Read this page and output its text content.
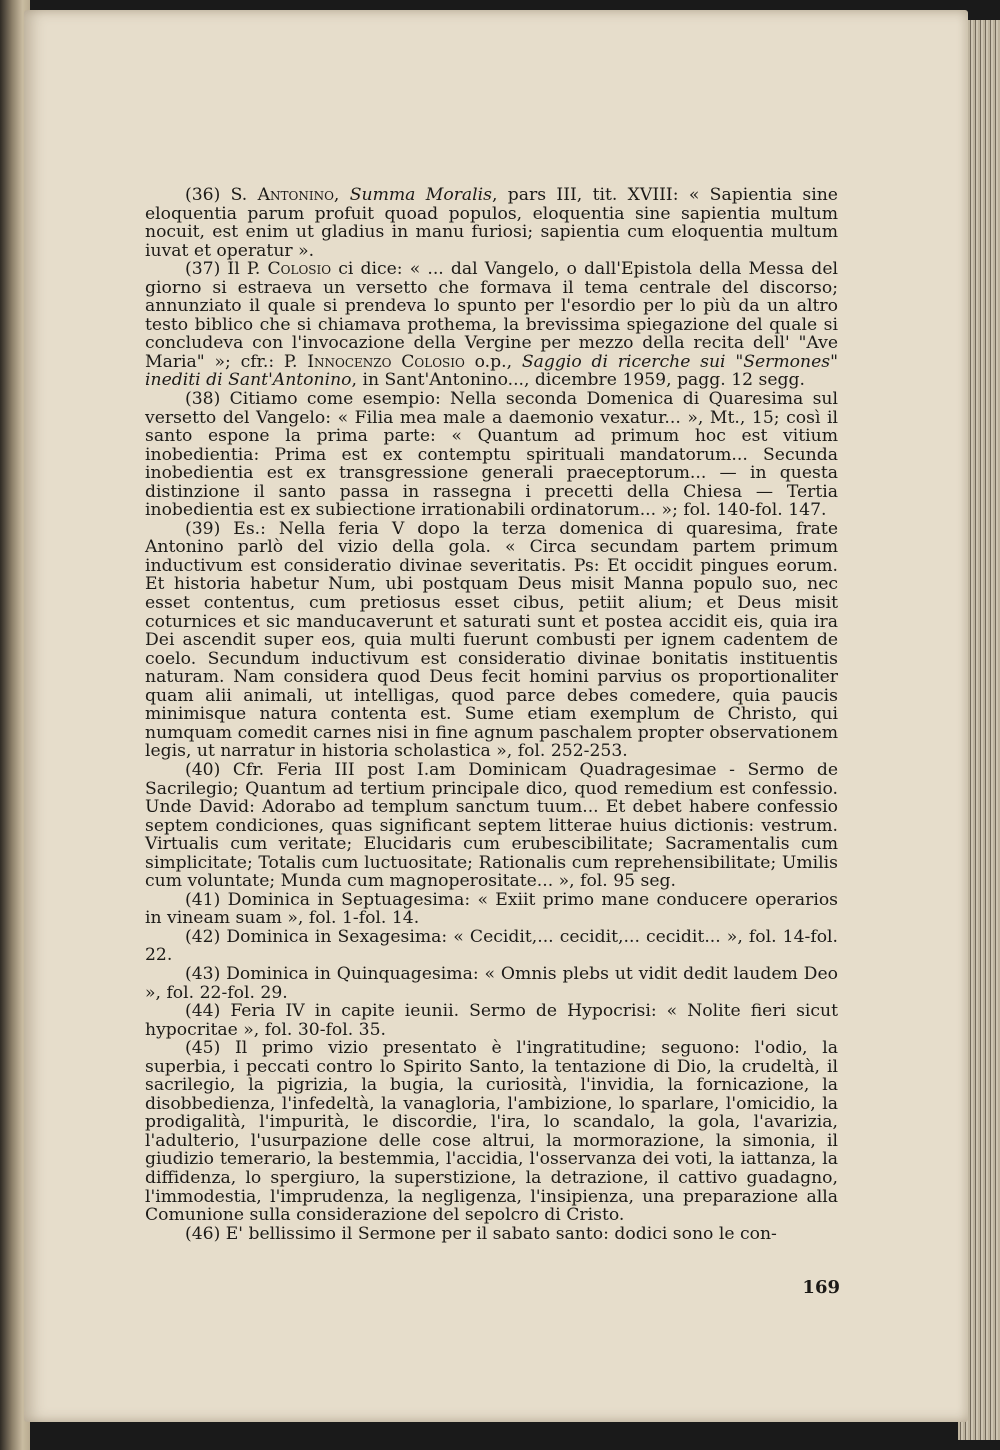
(36) S. Antonino, Summa Moralis, pars III, tit. XVIII: « Sapientia sine eloquentia parum profuit quoad populos, eloquentia sine sapientia multum nocuit, est enim ut gladius in manu furiosi; sapientia cum eloquentia multum iuvat et operatur ».

(37) Il P. Colosio ci dice: « ... dal Vangelo, o dall'Epistola della Messa del giorno si estraeva un versetto che formava il tema centrale del discorso; annunziato il quale si prendeva lo spunto per l'esordio per lo più da un altro testo biblico che si chiamava prothema, la brevissima spiegazione del quale si concludeva con l'invocazione della Vergine per mezzo della recita dell' "Ave Maria" »; cfr.: P. Innocenzo Colosio o.p., Saggio di ricerche sui "Sermones" inediti di Sant'Antonino, in Sant'Antonino..., dicembre 1959, pagg. 12 segg.

(38) Citiamo come esempio: Nella seconda Domenica di Quaresima sul versetto del Vangelo: « Filia mea male a daemonio vexatur... », Mt., 15; così il santo espone la prima parte: « Quantum ad primum hoc est vitium inobedientia: Prima est ex contemptu spirituali mandatorum... Secunda inobedientia est ex transgressione generali praeceptorum... — in questa distinzione il santo passa in rassegna i precetti della Chiesa — Tertia inobedientia est ex subiectione irrationabili ordinatorum... »; fol. 140-fol. 147.

(39) Es.: Nella feria V dopo la terza domenica di quaresima, frate Antonino parlò del vizio della gola. « Circa secundam partem primum inductivum est consideratio divinae severitatis. Ps: Et occidit pingues eorum. Et historia habetur Num, ubi postquam Deus misit Manna populo suo, nec esset contentus, cum pretiosus esset cibus, petiit alium; et Deus misit coturnices et sic manducaverunt et saturati sunt et postea accidit eis, quia ira Dei ascendit super eos, quia multi fuerunt combusti per ignem cadentem de coelo. Secundum inductivum est consideratio divinae bonitatis instituentis naturam. Nam considera quod Deus fecit homini parvius os proportionaliter quam alii animali, ut intelligas, quod parce debes comedere, quia paucis minimisque natura contenta est. Sume etiam exemplum de Christo, qui numquam comedit carnes nisi in fine agnum paschalem propter observationem legis, ut narratur in historia scholastica », fol. 252-253.

(40) Cfr. Feria III post I.am Dominicam Quadragesimae - Sermo de Sacrilegio; Quantum ad tertium principale dico, quod remedium est confessio. Unde David: Adorabo ad templum sanctum tuum... Et debet habere confessio septem condiciones, quas significant septem litterae huius dictionis: vestrum. Virtualis cum veritate; Elucidaris cum erubescibilitate; Sacramentalis cum simplicitate; Totalis cum luctuositate; Rationalis cum reprehensibilitate; Umilis cum voluntate; Munda cum magnoperositate... », fol. 95 seg.

(41) Dominica in Septuagesima: « Exiit primo mane conducere operarios in vineam suam », fol. 1-fol. 14.

(42) Dominica in Sexagesima: « Cecidit,... cecidit,... cecidit... », fol. 14-fol. 22.

(43) Dominica in Quinquagesima: « Omnis plebs ut vidit dedit laudem Deo », fol. 22-fol. 29.

(44) Feria IV in capite ieunii. Sermo de Hypocrisi: « Nolite fieri sicut hypocritae », fol. 30-fol. 35.

(45) Il primo vizio presentato è l'ingratitudine; seguono: l'odio, la superbia, i peccati contro lo Spirito Santo, la tentazione di Dio, la crudeltà, il sacrilegio, la pigrizia, la bugia, la curiosità, l'invidia, la fornicazione, la disobbedienza, l'infedeltà, la vanagloria, l'ambizione, lo sparlare, l'omicidio, la prodigalità, l'impurità, le discordie, l'ira, lo scandalo, la gola, l'avarizia, l'adulterio, l'usurpazione delle cose altrui, la mormorazione, la simonia, il giudizio temerario, la bestemmia, l'accidia, l'osservanza dei voti, la iattanza, la diffidenza, lo spergiuro, la superstizione, la detrazione, il cattivo guadagno, l'immodestia, l'imprudenza, la negligenza, l'insipienza, una preparazione alla Comunione sulla considerazione del sepolcro di Cristo.

(46) E' bellissimo il Sermone per il sabato santo: dodici sono le con-

169
